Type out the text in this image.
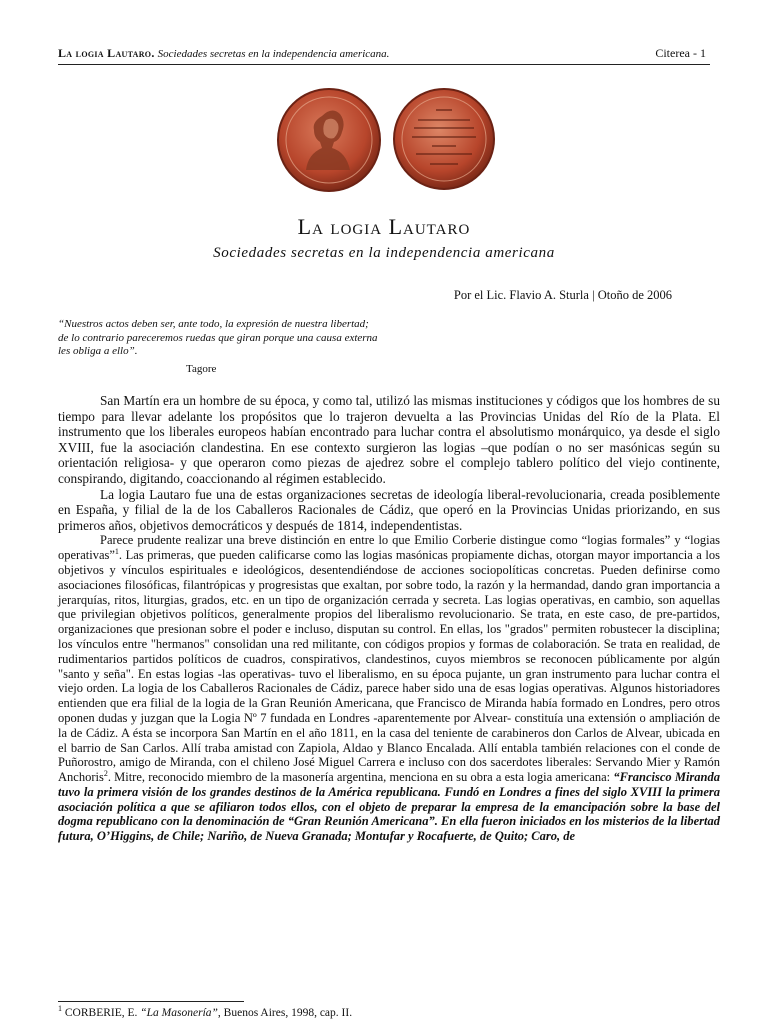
La logia Lautaro. Sociedades secretas en la independencia americana.	Citerea - 1
La logia Lautaro
Sociedades secretas en la independencia americana
Por el Lic. Flavio A. Sturla | Otoño de 2006
“Nuestros actos deben ser, ante todo, la expresión de nuestra libertad;
de lo contrario pareceremos ruedas que giran porque una causa externa
les obliga a ello”.
Tagore

San Martín era un hombre de su época, y como tal, utilizó las mismas instituciones y códigos que los hombres de su tiempo para llevar adelante los propósitos que lo trajeron devuelta a las Provincias Unidas del Río de la Plata. El instrumento que los liberales europeos habían encontrado para luchar contra el absolutismo monárquico, ya desde el siglo XVIII, fue la asociación clandestina. En ese contexto surgieron las logias –que podían o no ser masónicas según su orientación religiosa- y que operaron como piezas de ajedrez sobre el complejo tablero político del viejo continente, conspirando, digitando, coaccionando al régimen establecido.

La logia Lautaro fue una de estas organizaciones secretas de ideología liberal-revolucionaria, creada posiblemente en España, y filial de la de los Caballeros Racionales de Cádiz, que operó en la Provincias Unidas priorizando, en sus primeros años, objetivos democráticos y después de 1814, independentistas.

Parece prudente realizar una breve distinción en entre lo que Emilio Corberie distingue como “logias formales” y “logias operativas”$^1$. Las primeras, que pueden calificarse como las logias masónicas propiamente dichas, otorgan mayor importancia a los objetivos y vínculos espirituales e ideológicos, desentendiéndose de acciones sociopolíticas concretas. Pueden definirse como asociaciones filosóficas, filantrópicas y progresistas que exaltan, por sobre todo, la razón y la hermandad, dando gran importancia a jerarquías, ritos, liturgias, grados, etc. en un tipo de organización cerrada y secreta. Las logias operativas, en cambio, son aquellas que privilegian objetivos políticos, generalmente propios del liberalismo revolucionario. Se trata, en este caso, de pre-partidos, organizaciones que presionan sobre el poder e incluso, disputan su control. En ellas, los "grados" permiten robustecer la disciplina; los vínculos entre "hermanos" consolidan una red militante, con códigos propios y formas de colaboración. Se trata en realidad, de rudimentarios partidos políticos de cuadros, conspirativos, clandestinos, cuyos miembros se reconocen públicamente por algún "santo y seña". En estas logias -las operativas- tuvo el liberalismo, en su época pujante, un gran instrumento para luchar contra el viejo orden. La logia de los Caballeros Racionales de Cádiz, parece haber sido una de esas logias operativas. Algunos historiadores entienden que era filial de la logia de la Gran Reunión Americana, que Francisco de Miranda había formado en Londres, pero otros oponen dudas y juzgan que la Logia Nº 7 fundada en Londres -aparentemente por Alvear- constituía una extensión o ampliación de la de Cádiz. A ésta se incorpora San Martín en el año 1811, en la casa del teniente de carabineros don Carlos de Alvear, ubicada en el barrio de San Carlos. Allí traba amistad con Zapiola, Aldao y Blanco Encalada. Allí entabla también relaciones con el conde de Puñorostro, amigo de Miranda, con el chileno José Miguel Carrera e incluso con dos sacerdotes liberales: Servando Mier y Ramón Anchoris$^2$. Mitre, reconocido miembro de la masonería argentina, menciona en su obra a esta logia americana: “Francisco Miranda tuvo la primera visión de los grandes destinos de la América republicana. Fundó en Londres a fines del siglo XVIII la primera asociación política a que se afiliaron todos ellos, con el objeto de preparar la empresa de la emancipación sobre la base del dogma republicano con la denominación de “Gran Reunión Americana”. En ella fueron iniciados en los misterios de la libertad futura, O’Higgins, de Chile; Nariño, de Nueva Granada; Montufar y Rocafuerte, de Quito; Caro, de

$^1$ CORBERIE, E. “La Masonería”, Buenos Aires, 1998, cap. II.
